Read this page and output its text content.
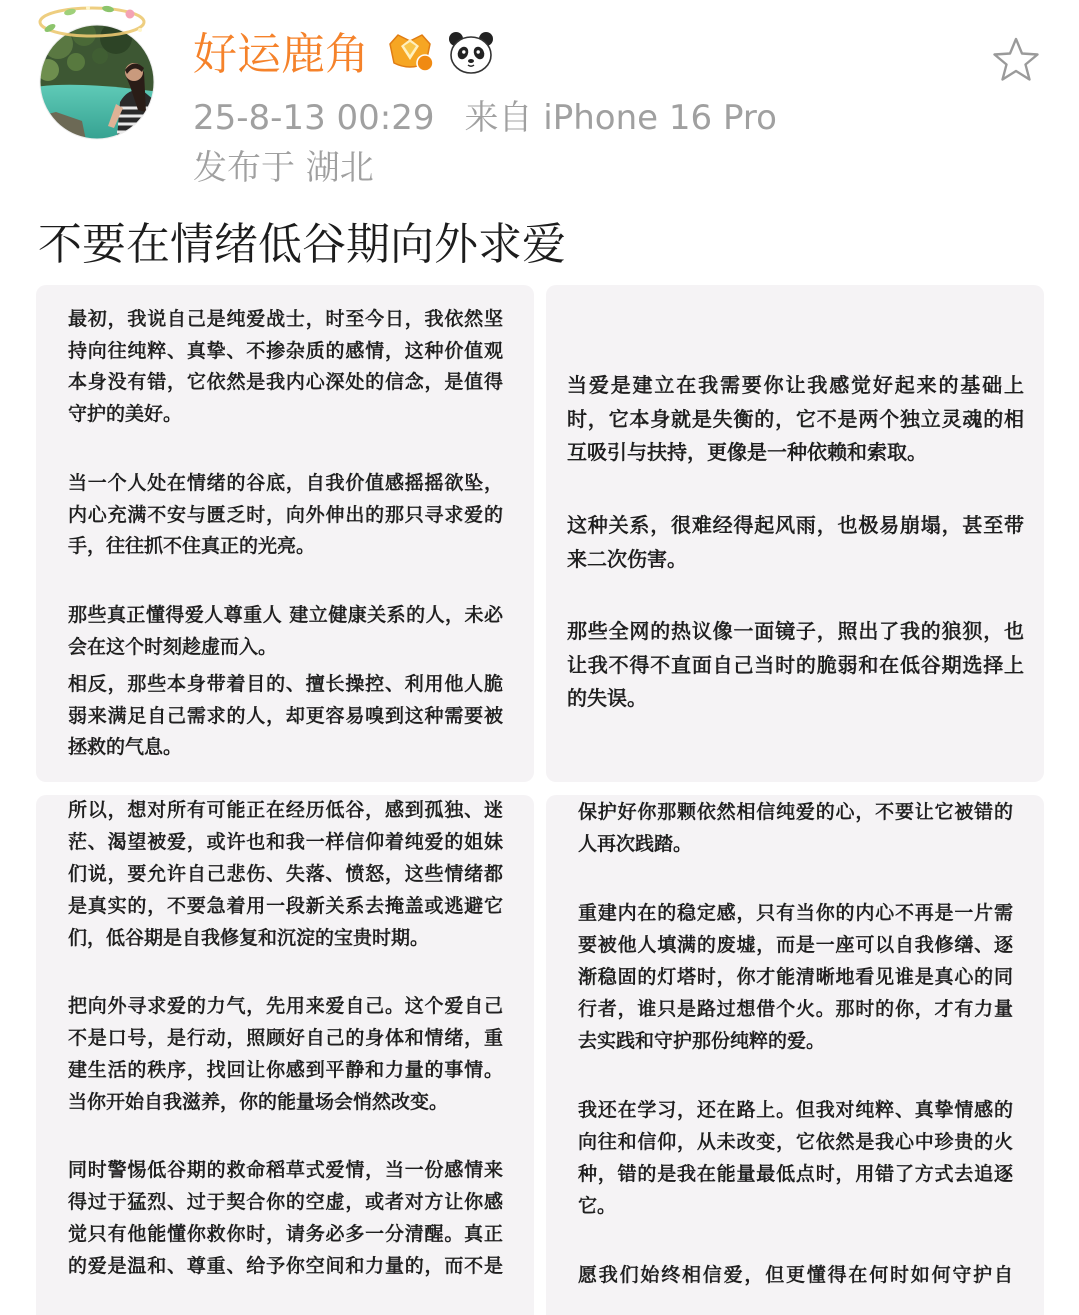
好运鹿角
25-8-13 00:29 来自 iPhone 16 Pro
发布于 湖北
不要在情绪低谷期向外求爱
最初，我说自己是纯爱战士，时至今日，我依然坚
持向往纯粹、真挚、不掺杂质的感情，这种价值观
本身没有错，它依然是我内心深处的信念，是值得
守护的美好。
当一个人处在情绪的谷底，自我价值感摇摇欲坠，
内心充满不安与匮乏时，向外伸出的那只寻求爱的
手，往往抓不住真正的光亮。
那些真正懂得爱人尊重人 建立健康关系的人，未必
会在这个时刻趁虚而入。
相反，那些本身带着目的、擅长操控、利用他人脆
弱来满足自己需求的人，却更容易嗅到这种需要被
拯救的气息。
当爱是建立在我需要你让我感觉好起来的基础上
时，它本身就是失衡的，它不是两个独立灵魂的相
互吸引与扶持，更像是一种依赖和索取。
这种关系，很难经得起风雨，也极易崩塌，甚至带
来二次伤害。
那些全网的热议像一面镜子，照出了我的狼狈，也
让我不得不直面自己当时的脆弱和在低谷期选择上
的失误。
所以，想对所有可能正在经历低谷，感到孤独、迷
茫、渴望被爱，或许也和我一样信仰着纯爱的姐妹
们说，要允许自己悲伤、失落、愤怒，这些情绪都
是真实的，不要急着用一段新关系去掩盖或逃避它
们，低谷期是自我修复和沉淀的宝贵时期。
把向外寻求爱的力气，先用来爱自己。这个爱自己
不是口号，是行动，照顾好自己的身体和情绪，重
建生活的秩序，找回让你感到平静和力量的事情。
当你开始自我滋养，你的能量场会悄然改变。
同时警惕低谷期的救命稻草式爱情，当一份感情来
得过于猛烈、过于契合你的空虚，或者对方让你感
觉只有他能懂你救你时，请务必多一分清醒。真正
的爱是温和、尊重、给予你空间和力量的，而不是
保护好你那颗依然相信纯爱的心，不要让它被错的
人再次践踏。
重建内在的稳定感，只有当你的内心不再是一片需
要被他人填满的废墟，而是一座可以自我修缮、逐
渐稳固的灯塔时，你才能清晰地看见谁是真心的同
行者，谁只是路过想借个火。那时的你，才有力量
去实践和守护那份纯粹的爱。
我还在学习，还在路上。但我对纯粹、真挚情感的
向往和信仰，从未改变，它依然是我心中珍贵的火
种，错的是我在能量最低点时，用错了方式去追逐
它。
愿我们始终相信爱，但更懂得在何时如何守护自
